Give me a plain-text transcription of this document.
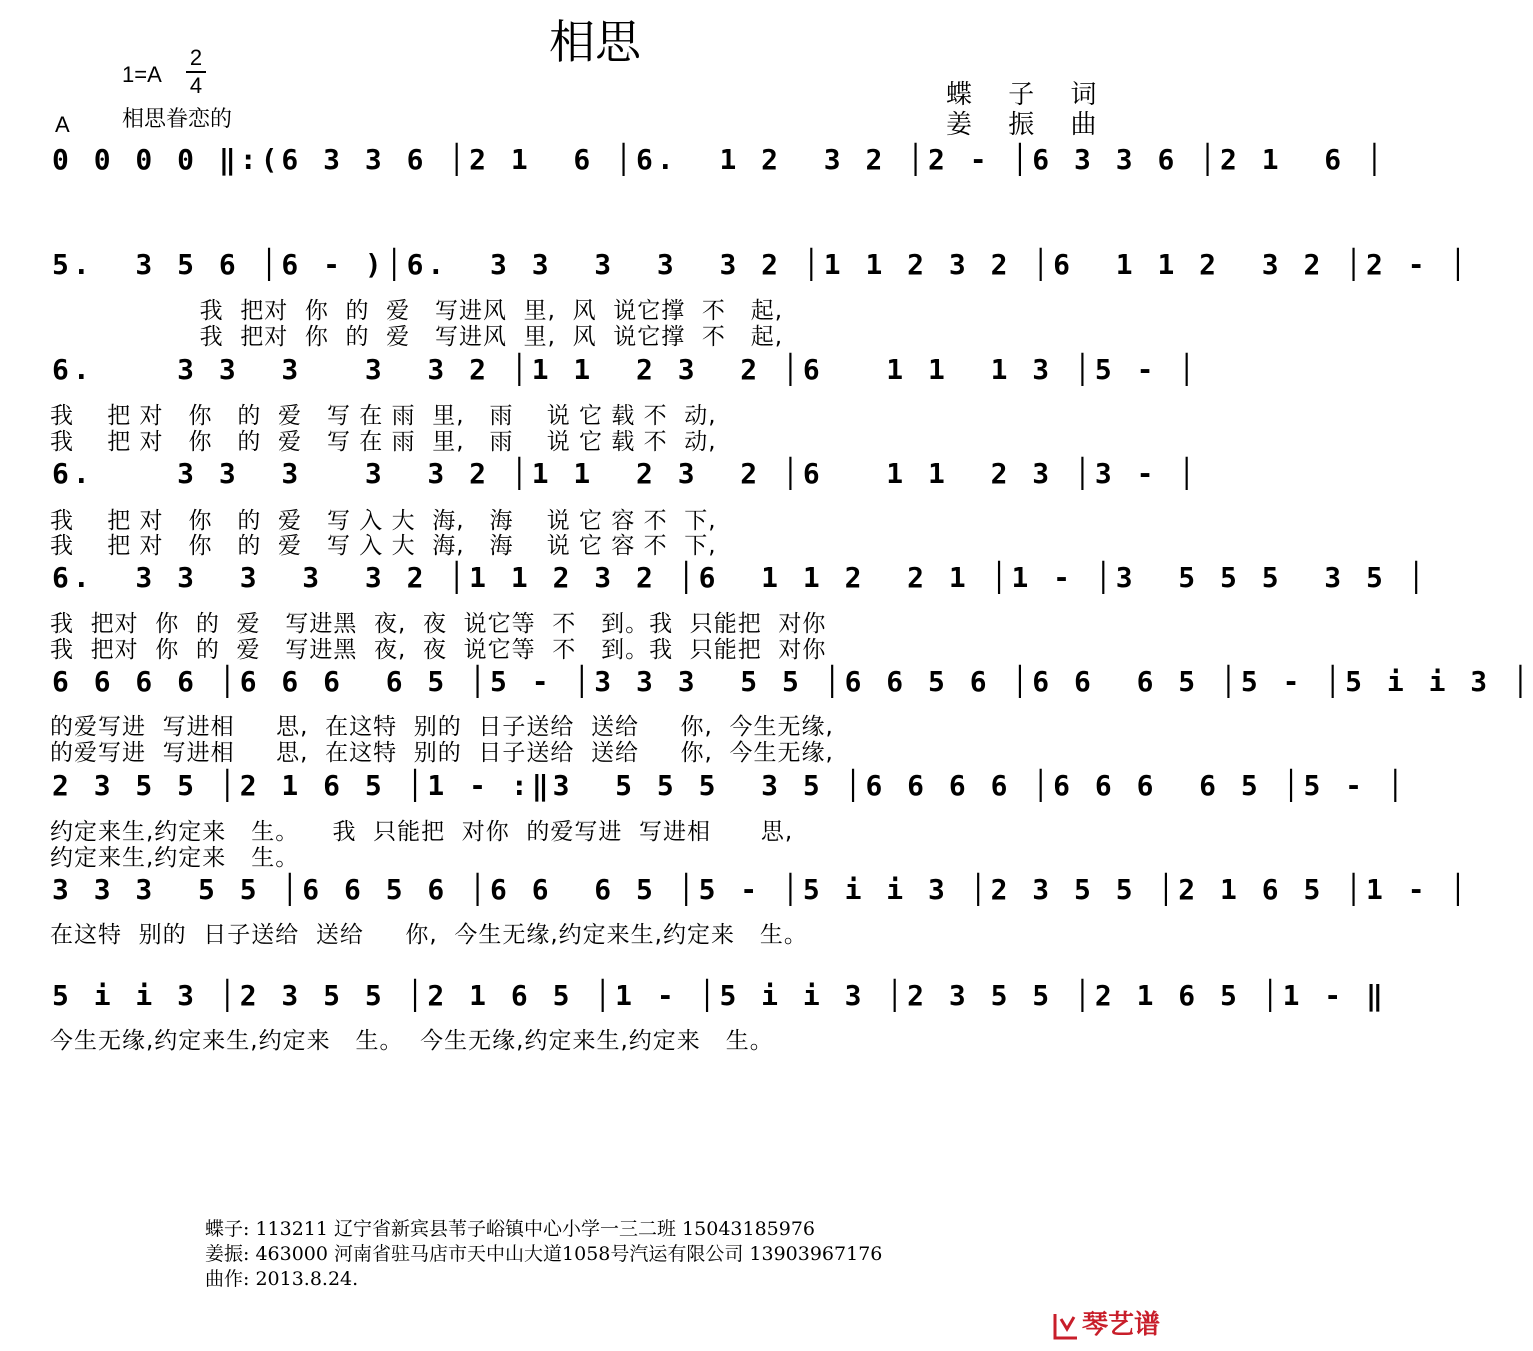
相思
1=A
2
4
A 相思眷恋的
蝶 子 词
姜 振 曲
0 0 0 0 ‖:(6 3 3 6 │2 1  6 │6.  1 2  3 2 │2 - │6 3 3 6 │2 1  6 │
5.  3 5 6 │6 - )│6.  3 3  3  3  3 2 │1 1 2 3 2 │6  1 1 2  3 2 │2 - │
我  把对  你  的  爱   写进风  里,  风  说它撑  不   起,
我  把对  你  的  爱   写进风  里,  风  说它撑  不   起,
6.    3 3  3   3  3 2 │1 1  2 3  2 │6   1 1  1 3 │5 - │
我    把 对   你   的  爱   写 在 雨  里,   雨    说 它 载 不  动,
我    把 对   你   的  爱   写 在 雨  里,   雨    说 它 载 不  动,
6.    3 3  3   3  3 2 │1 1  2 3  2 │6   1 1  2 3 │3 - │
我    把 对   你   的  爱   写 入 大  海,   海    说 它 容 不  下,
我    把 对   你   的  爱   写 入 大  海,   海    说 它 容 不  下,
6.  3 3  3  3  3 2 │1 1 2 3 2 │6  1 1 2  2 1 │1 - │3  5 5 5  3 5 │
我  把对  你  的  爱   写进黑  夜,  夜  说它等  不   到。我  只能把  对你
我  把对  你  的  爱   写进黑  夜,  夜  说它等  不   到。我  只能把  对你
6 6 6 6 │6 6 6  6 5 │5 - │3 3 3  5 5 │6 6 5 6 │6 6  6 5 │5 - │5 i i 3 │
的爱写进  写进相     思,  在这特  别的  日子送给  送给     你,  今生无缘,
的爱写进  写进相     思,  在这特  别的  日子送给  送给     你,  今生无缘,
2 3 5 5 │2 1 6 5 │1 - :‖3  5 5 5  3 5 │6 6 6 6 │6 6 6  6 5 │5 - │
约定来生,约定来   生。    我  只能把  对你  的爱写进  写进相      思,
约定来生,约定来   生。
3 3 3  5 5 │6 6 5 6 │6 6  6 5 │5 - │5 i i 3 │2 3 5 5 │2 1 6 5 │1 - │
在这特  别的  日子送给  送给     你,  今生无缘,约定来生,约定来   生。
5 i i 3 │2 3 5 5 │2 1 6 5 │1 - │5 i i 3 │2 3 5 5 │2 1 6 5 │1 - ‖
今生无缘,约定来生,约定来   生。  今生无缘,约定来生,约定来   生。
蝶子: 113211 辽宁省新宾县苇子峪镇中心小学一三二班 15043185976
姜振: 463000 河南省驻马店市天中山大道1058号汽运有限公司 13903967176
曲作: 2013.8.24.
琴艺谱
